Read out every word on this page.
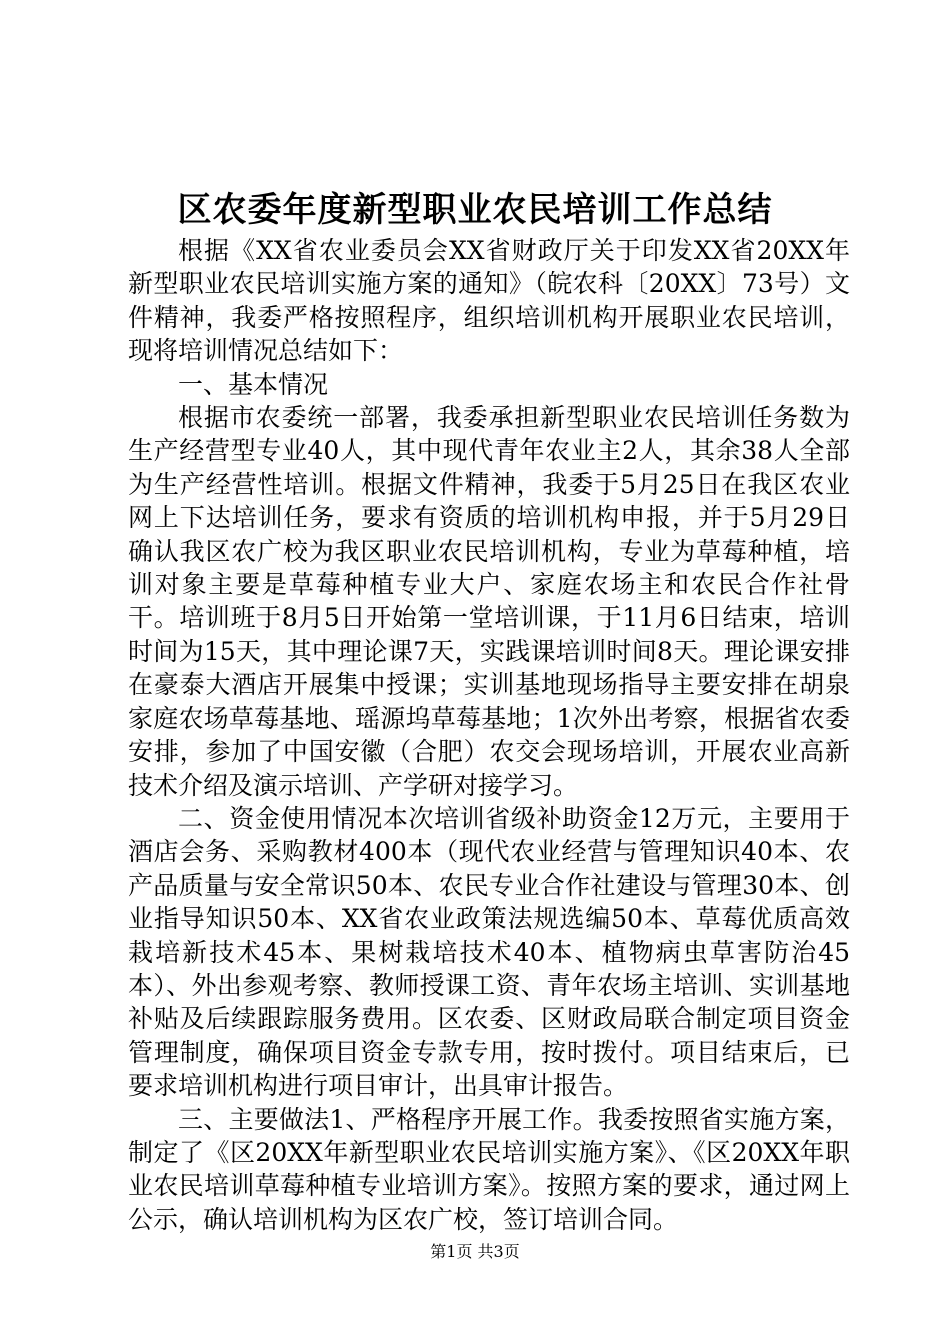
区农委年度新型职业农民培训工作总结

根据《XX省农业委员会XX省财政厅关于印发XX省20XX年新型职业农民培训实施方案的通知》（皖农科〔20XX〕73号）文件精神，我委严格按照程序，组织培训机构开展职业农民培训，现将培训情况总结如下：

一、基本情况

根据市农委统一部署，我委承担新型职业农民培训任务数为生产经营型专业40人，其中现代青年农业主2人，其余38人全部为生产经营性培训。根据文件精神，我委于5月25日在我区农业网上下达培训任务，要求有资质的培训机构申报，并于5月29日确认我区农广校为我区职业农民培训机构，专业为草莓种植，培训对象主要是草莓种植专业大户、家庭农场主和农民合作社骨干。培训班于8月5日开始第一堂培训课，于11月6日结束，培训时间为15天，其中理论课7天，实践课培训时间8天。理论课安排在豪泰大酒店开展集中授课；实训基地现场指导主要安排在胡泉家庭农场草莓基地、瑶源坞草莓基地；1次外出考察，根据省农委安排，参加了中国安徽（合肥）农交会现场培训，开展农业高新技术介绍及演示培训、产学研对接学习。

二、资金使用情况本次培训省级补助资金12万元，主要用于酒店会务、采购教材400本（现代农业经营与管理知识40本、农产品质量与安全常识50本、农民专业合作社建设与管理30本、创业指导知识50本、XX省农业政策法规选编50本、草莓优质高效栽培新技术45本、果树栽培技术40本、植物病虫草害防治45本）、外出参观考察、教师授课工资、青年农场主培训、实训基地补贴及后续跟踪服务费用。区农委、区财政局联合制定项目资金管理制度，确保项目资金专款专用，按时拨付。项目结束后，已要求培训机构进行项目审计，出具审计报告。

三、主要做法1、严格程序开展工作。我委按照省实施方案，制定了《区20XX年新型职业农民培训实施方案》、《区20XX年职业农民培训草莓种植专业培训方案》。按照方案的要求，通过网上公示，确认培训机构为区农广校，签订培训合同。

第1页 共3页
